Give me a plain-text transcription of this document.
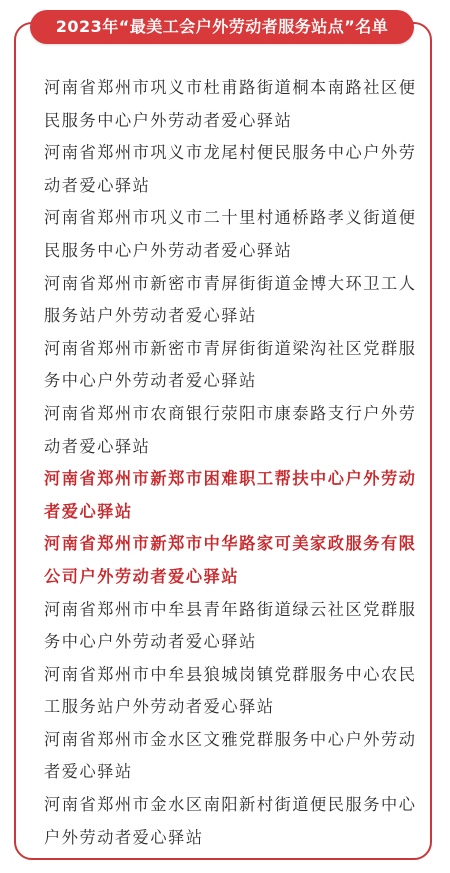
2023年“最美工会户外劳动者服务站点”名单
河南省郑州市巩义市杜甫路街道桐本南路社区便民服务中心户外劳动者爱心驿站
河南省郑州市巩义市龙尾村便民服务中心户外劳动者爱心驿站
河南省郑州市巩义市二十里村通桥路孝义街道便民服务中心户外劳动者爱心驿站
河南省郑州市新密市青屏街街道金博大环卫工人服务站户外劳动者爱心驿站
河南省郑州市新密市青屏街街道梁沟社区党群服务中心户外劳动者爱心驿站
河南省郑州市农商银行荥阳市康泰路支行户外劳动者爱心驿站
河南省郑州市新郑市困难职工帮扶中心户外劳动者爱心驿站
河南省郑州市新郑市中华路家可美家政服务有限公司户外劳动者爱心驿站
河南省郑州市中牟县青年路街道绿云社区党群服务中心户外劳动者爱心驿站
河南省郑州市中牟县狼城岗镇党群服务中心农民工服务站户外劳动者爱心驿站
河南省郑州市金水区文雅党群服务中心户外劳动者爱心驿站
河南省郑州市金水区南阳新村街道便民服务中心户外劳动者爱心驿站
